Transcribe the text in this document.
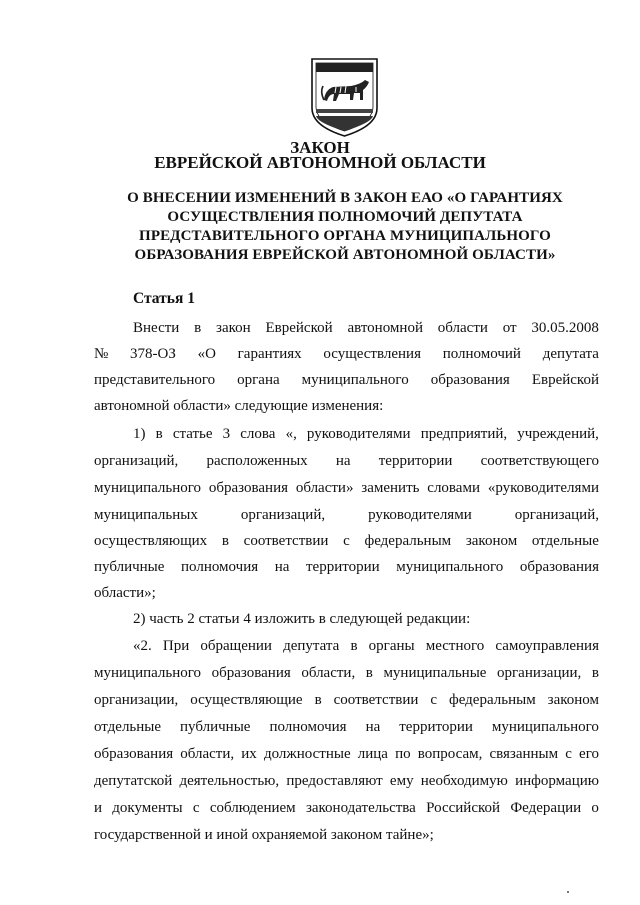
ЗАКОН
ЕВРЕЙСКОЙ АВТОНОМНОЙ ОБЛАСТИ
О ВНЕСЕНИИ ИЗМЕНЕНИЙ В ЗАКОН ЕАО «О ГАРАНТИЯХ
ОСУЩЕСТВЛЕНИЯ ПОЛНОМОЧИЙ ДЕПУТАТА
ПРЕДСТАВИТЕЛЬНОГО ОРГАНА МУНИЦИПАЛЬНОГО
ОБРАЗОВАНИЯ ЕВРЕЙСКОЙ АВТОНОМНОЙ ОБЛАСТИ»
Статья 1
Внести в закон Еврейской автономной области от 30.05.2008
№ 378-ОЗ «О гарантиях осуществления полномочий депутата
представительного органа муниципального образования Еврейской
автономной области» следующие изменения:
1) в статье 3 слова «, руководителями предприятий, учреждений,
организаций, расположенных на территории соответствующего
муниципального образования области» заменить словами «руководителями
муниципальных	организаций,	руководителями	организаций,
осуществляющих в соответствии с федеральным законом отдельные
публичные полномочия на территории муниципального образования
области»;
2) часть 2 статьи 4 изложить в следующей редакции:
«2. При обращении депутата в органы местного самоуправления
муниципального образования области, в муниципальные организации, в
организации, осуществляющие в соответствии с федеральным законом
отдельные публичные полномочия на территории муниципального
образования области, их должностные лица по вопросам, связанным с его
депутатской деятельностью, предоставляют ему необходимую информацию
и документы с соблюдением законодательства Российской Федерации о
государственной и иной охраняемой законом тайне»;
